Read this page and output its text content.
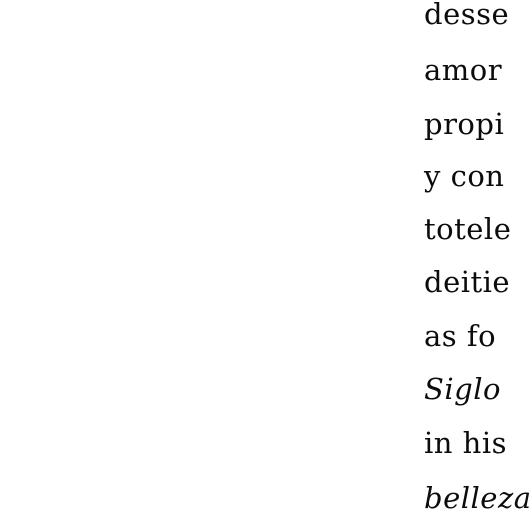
desse
amor
propi
y con
totele
deitie
as fo
Siglo
in his
belleza
